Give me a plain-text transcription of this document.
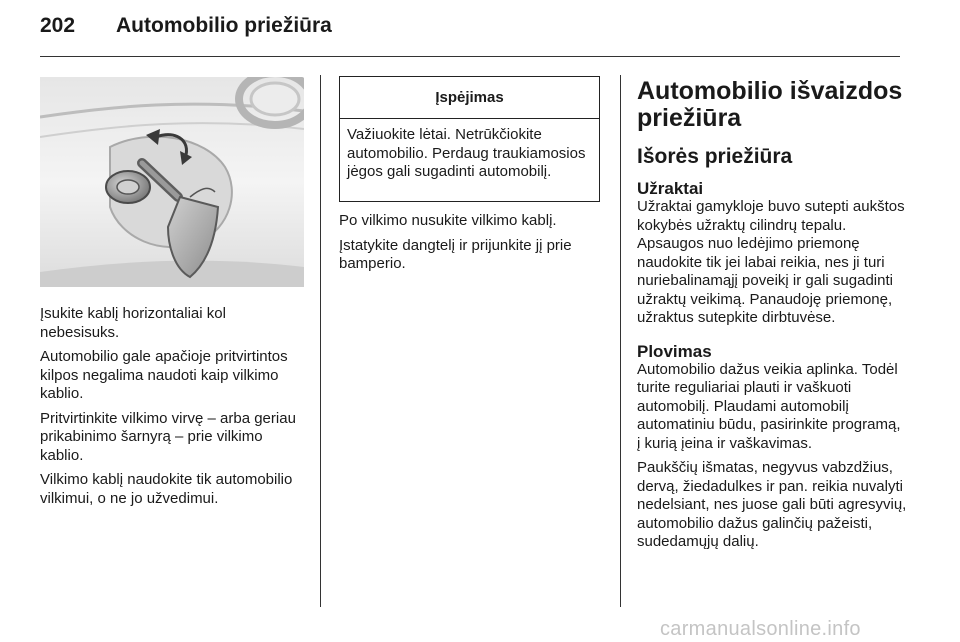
202	Automobilio priežiūra

Įsukite kablį horizontaliai kol nebesisuks.

Automobilio gale apačioje pritvirtintos kilpos negalima naudoti kaip vilkimo kablio.

Pritvirtinkite vilkimo virvę – arba geriau prikabinimo šarnyrą – prie vilkimo kablio.

Vilkimo kablį naudokite tik automobilio vilkimui, o ne jo užvedimui.

Įspėjimas
Važiuokite lėtai. Netrūkčiokite automobilio. Perdaug traukiamosios jėgos gali sugadinti automobilį.

Po vilkimo nusukite vilkimo kablį.

Įstatykite dangtelį ir prijunkite jį prie bamperio.

Automobilio išvaizdos priežiūra
Išorės priežiūra
Užraktai

Užraktai gamykloje buvo sutepti aukštos kokybės užraktų cilindrų tepalu. Apsaugos nuo ledėjimo priemonę naudokite tik jei labai reikia, nes ji turi nuriebalinamąjį poveikį ir gali sugadinti užraktų veikimą. Panaudoję priemonę, užraktus sutepkite dirbtuvėse.

Plovimas

Automobilio dažus veikia aplinka. Todėl turite reguliariai plauti ir vaškuoti automobilį. Plaudami automobilį automatiniu būdu, pasirinkite programą, į kurią įeina ir vaškavimas.

Paukščių išmatas, negyvus vabzdžius, dervą, žiedadulkes ir pan. reikia nuvalyti nedelsiant, nes juose gali būti agresyvių, automobilio dažus galinčių pažeisti, sudedamųjų dalių.

carmanualsonline.info
